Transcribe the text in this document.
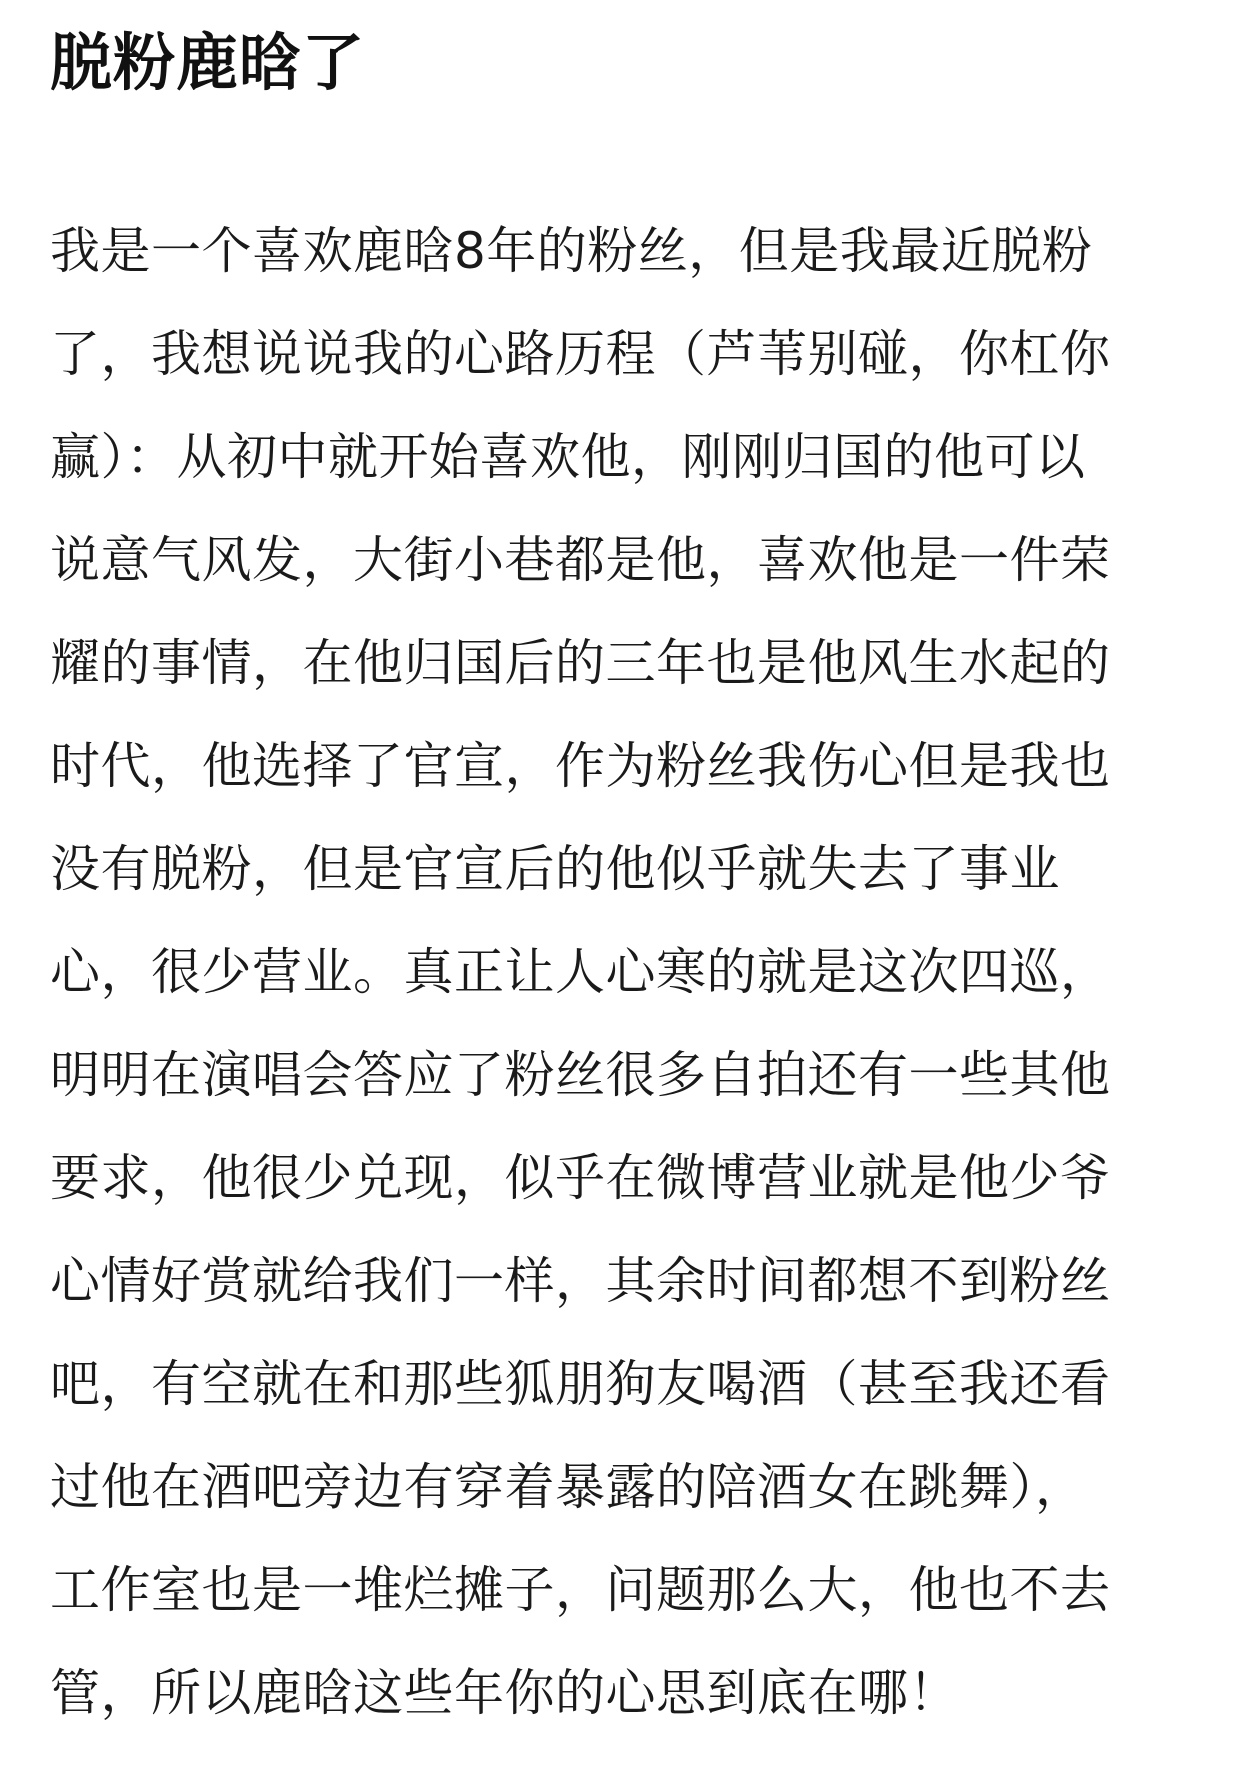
脱粉鹿晗了
我是一个喜欢鹿晗8年的粉丝，但是我最近脱粉
了，我想说说我的心路历程（芦苇别碰，你杠你
赢）：从初中就开始喜欢他，刚刚归国的他可以
说意气风发，大街小巷都是他，喜欢他是一件荣
耀的事情，在他归国后的三年也是他风生水起的
时代，他选择了官宣，作为粉丝我伤心但是我也
没有脱粉，但是官宣后的他似乎就失去了事业
心，很少营业。真正让人心寒的就是这次四巡，
明明在演唱会答应了粉丝很多自拍还有一些其他
要求，他很少兑现，似乎在微博营业就是他少爷
心情好赏就给我们一样，其余时间都想不到粉丝
吧，有空就在和那些狐朋狗友喝酒（甚至我还看
过他在酒吧旁边有穿着暴露的陪酒女在跳舞），
工作室也是一堆烂摊子，问题那么大，他也不去
管，所以鹿晗这些年你的心思到底在哪！
